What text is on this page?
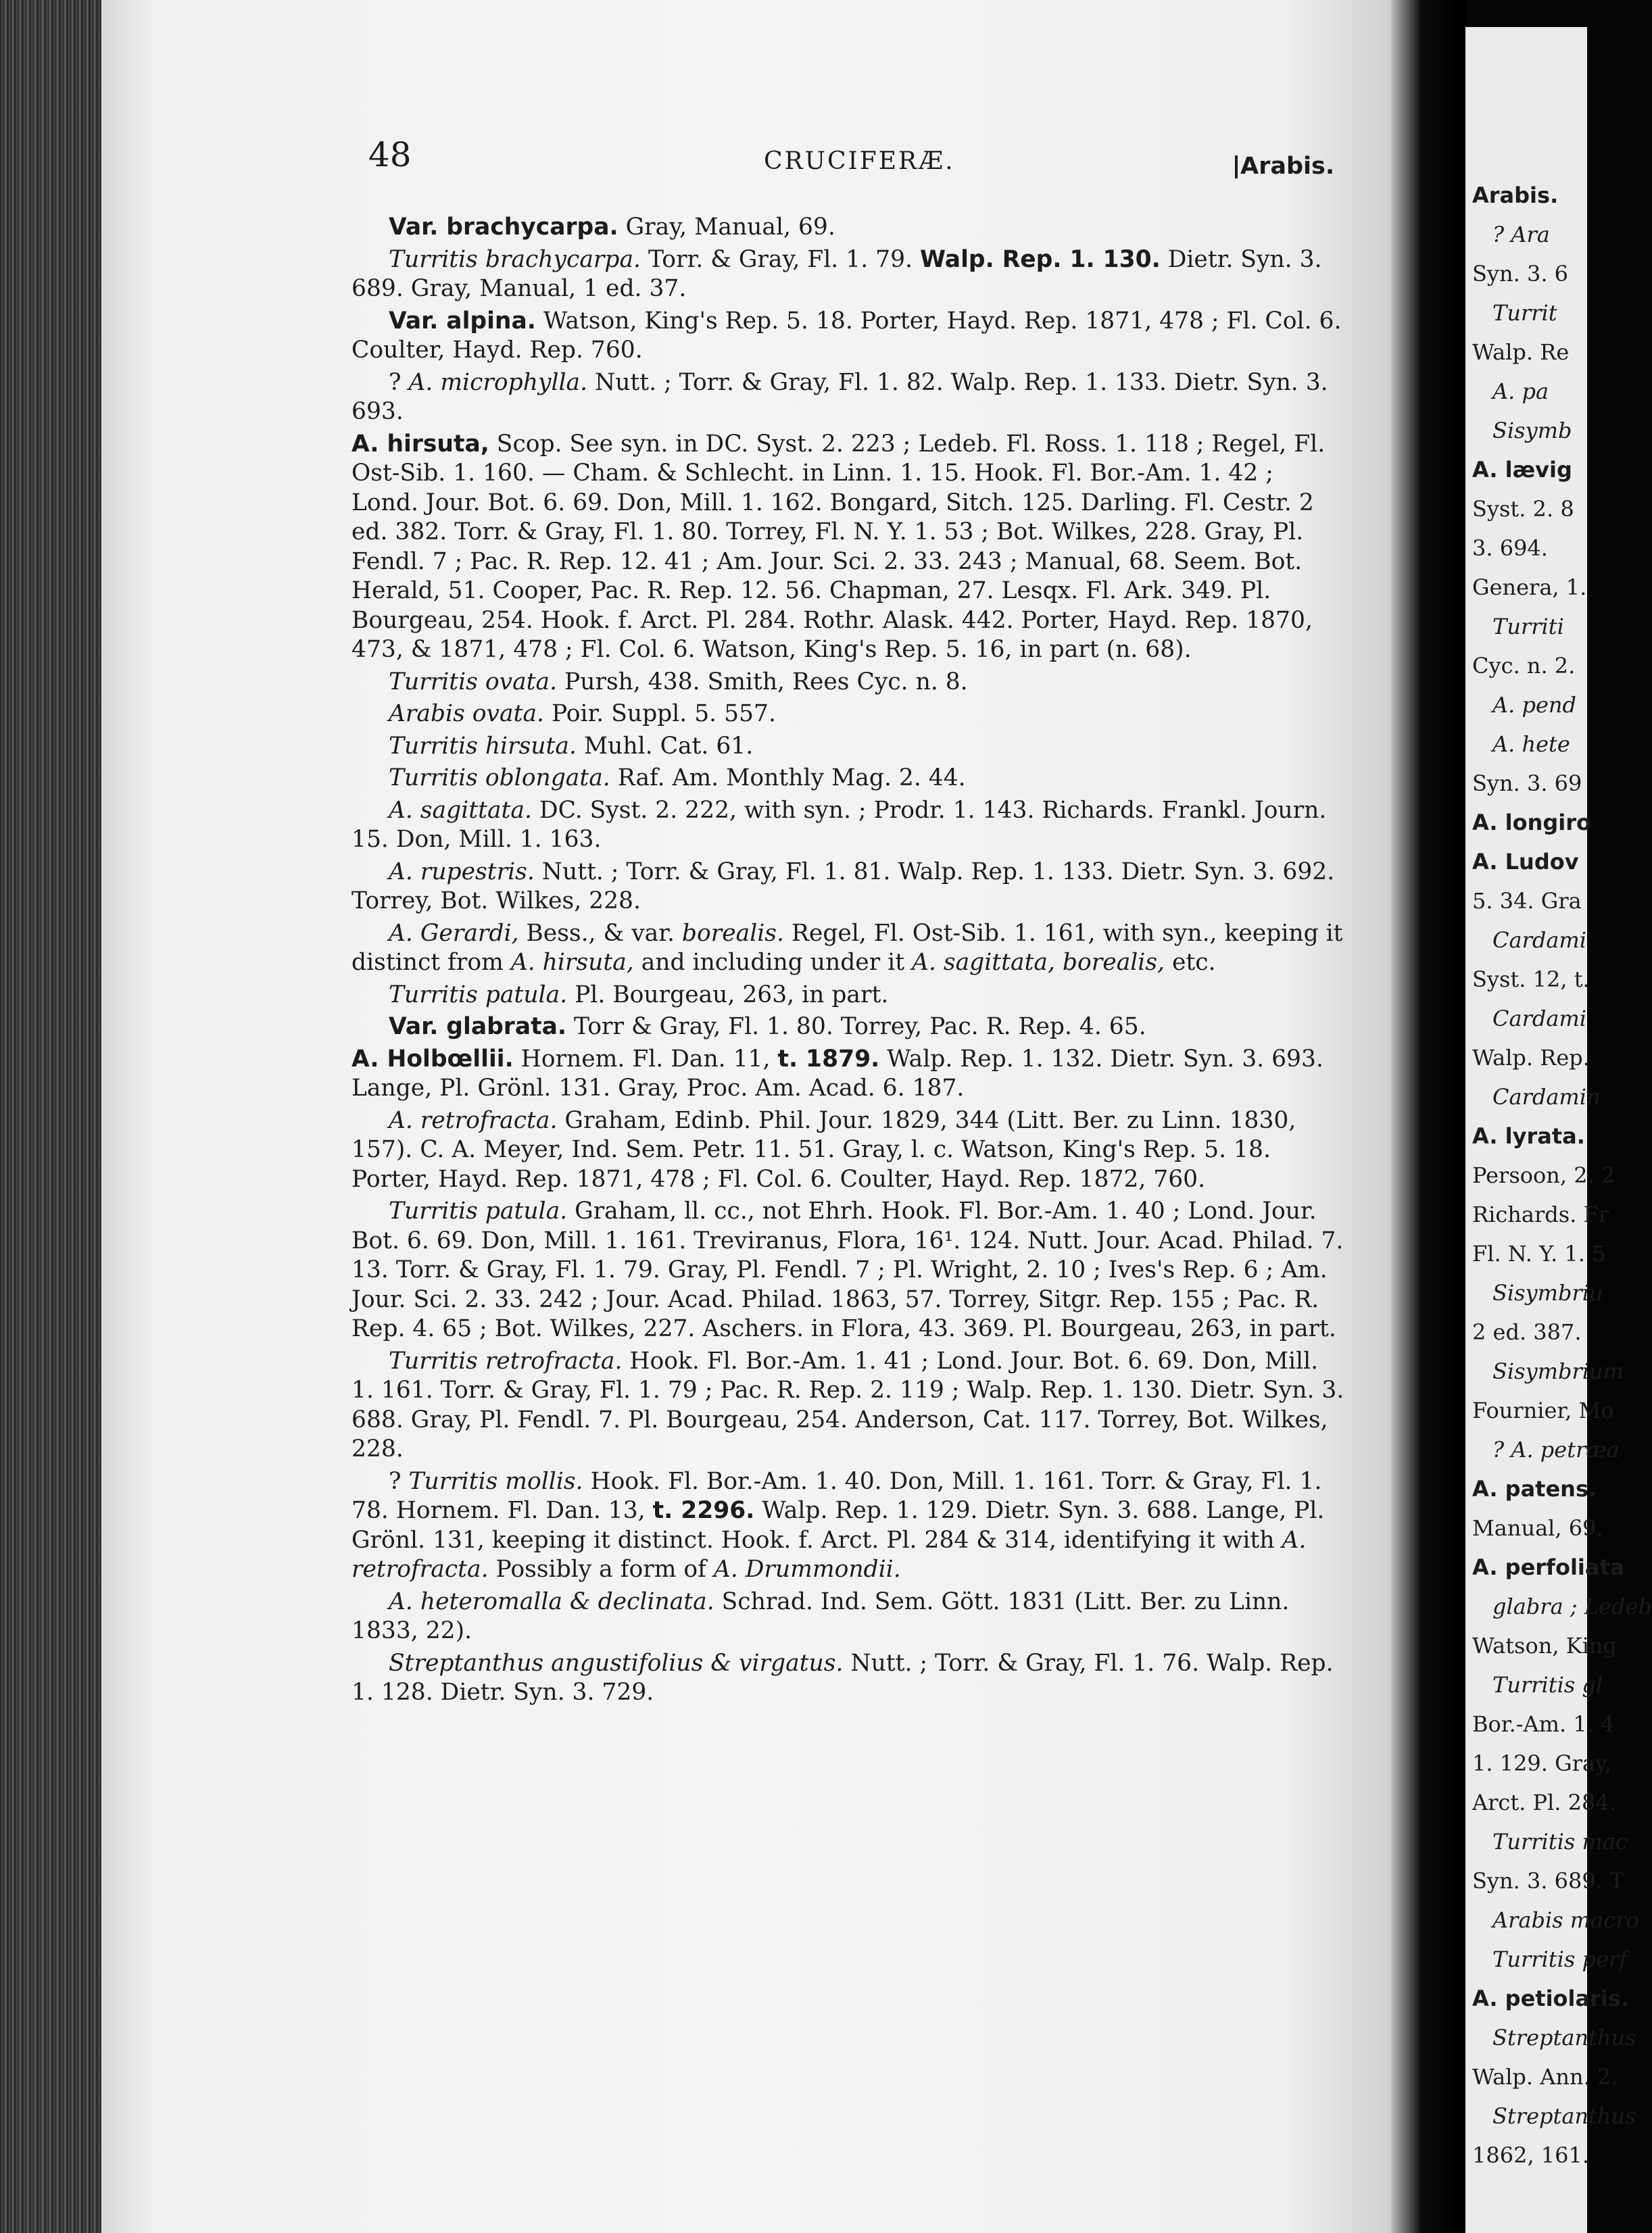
48	CRUCIFERÆ.	Arabis.

Var. brachycarpa. Gray, Manual, 69.

Turritis brachycarpa. Torr. & Gray, Fl. 1. 79. Walp. Rep. 1. 130. Dietr. Syn. 3. 689. Gray, Manual, 1 ed. 37.

Var. alpina. Watson, King's Rep. 5. 18. Porter, Hayd. Rep. 1871, 478 ; Fl. Col. 6. Coulter, Hayd. Rep. 760.

? A. microphylla. Nutt. ; Torr. & Gray, Fl. 1. 82. Walp. Rep. 1. 133. Dietr. Syn. 3. 693.

A. hirsuta, Scop. See syn. in DC. Syst. 2. 223 ; Ledeb. Fl. Ross. 1. 118 ; Regel, Fl. Ost-Sib. 1. 160. — Cham. & Schlecht. in Linn. 1. 15. Hook. Fl. Bor.-Am. 1. 42 ; Lond. Jour. Bot. 6. 69. Don, Mill. 1. 162. Bongard, Sitch. 125. Darling. Fl. Cestr. 2 ed. 382. Torr. & Gray, Fl. 1. 80. Torrey, Fl. N. Y. 1. 53 ; Bot. Wilkes, 228. Gray, Pl. Fendl. 7 ; Pac. R. Rep. 12. 41 ; Am. Jour. Sci. 2. 33. 243 ; Manual, 68. Seem. Bot. Herald, 51. Cooper, Pac. R. Rep. 12. 56. Chapman, 27. Lesqx. Fl. Ark. 349. Pl. Bourgeau, 254. Hook. f. Arct. Pl. 284. Rothr. Alask. 442. Porter, Hayd. Rep. 1870, 473, & 1871, 478 ; Fl. Col. 6. Watson, King's Rep. 5. 16, in part (n. 68).

Turritis ovata. Pursh, 438. Smith, Rees Cyc. n. 8.

Arabis ovata. Poir. Suppl. 5. 557.

Turritis hirsuta. Muhl. Cat. 61.

Turritis oblongata. Raf. Am. Monthly Mag. 2. 44.

A. sagittata. DC. Syst. 2. 222, with syn. ; Prodr. 1. 143. Richards. Frankl. Journ. 15. Don, Mill. 1. 163.

A. rupestris. Nutt. ; Torr. & Gray, Fl. 1. 81. Walp. Rep. 1. 133. Dietr. Syn. 3. 692. Torrey, Bot. Wilkes, 228.

A. Gerardi, Bess., & var. borealis. Regel, Fl. Ost-Sib. 1. 161, with syn., keeping it distinct from A. hirsuta, and including under it A. sagittata, borealis, etc.

Turritis patula. Pl. Bourgeau, 263, in part.

Var. glabrata. Torr & Gray, Fl. 1. 80. Torrey, Pac. R. Rep. 4. 65.

A. Holbœllii. Hornem. Fl. Dan. 11, t. 1879. Walp. Rep. 1. 132. Dietr. Syn. 3. 693. Lange, Pl. Grönl. 131. Gray, Proc. Am. Acad. 6. 187.

A. retrofracta. Graham, Edinb. Phil. Jour. 1829, 344 (Litt. Ber. zu Linn. 1830, 157). C. A. Meyer, Ind. Sem. Petr. 11. 51. Gray, l. c. Watson, King's Rep. 5. 18. Porter, Hayd. Rep. 1871, 478 ; Fl. Col. 6. Coulter, Hayd. Rep. 1872, 760.

Turritis patula. Graham, ll. cc., not Ehrh. Hook. Fl. Bor.-Am. 1. 40 ; Lond. Jour. Bot. 6. 69. Don, Mill. 1. 161. Treviranus, Flora, 16¹. 124. Nutt. Jour. Acad. Philad. 7. 13. Torr. & Gray, Fl. 1. 79. Gray, Pl. Fendl. 7 ; Pl. Wright, 2. 10 ; Ives's Rep. 6 ; Am. Jour. Sci. 2. 33. 242 ; Jour. Acad. Philad. 1863, 57. Torrey, Sitgr. Rep. 155 ; Pac. R. Rep. 4. 65 ; Bot. Wilkes, 227. Aschers. in Flora, 43. 369. Pl. Bourgeau, 263, in part.

Turritis retrofracta. Hook. Fl. Bor.-Am. 1. 41 ; Lond. Jour. Bot. 6. 69. Don, Mill. 1. 161. Torr. & Gray, Fl. 1. 79 ; Pac. R. Rep. 2. 119 ; Walp. Rep. 1. 130. Dietr. Syn. 3. 688. Gray, Pl. Fendl. 7. Pl. Bourgeau, 254. Anderson, Cat. 117. Torrey, Bot. Wilkes, 228.

? Turritis mollis. Hook. Fl. Bor.-Am. 1. 40. Don, Mill. 1. 161. Torr. & Gray, Fl. 1. 78. Hornem. Fl. Dan. 13, t. 2296. Walp. Rep. 1. 129. Dietr. Syn. 3. 688. Lange, Pl. Grönl. 131, keeping it distinct. Hook. f. Arct. Pl. 284 & 314, identifying it with A. retrofracta. Possibly a form of A. Drummondii.

A. heteromalla & declinata. Schrad. Ind. Sem. Gött. 1831 (Litt. Ber. zu Linn. 1833, 22).

Streptanthus angustifolius & virgatus. Nutt. ; Torr. & Gray, Fl. 1. 76. Walp. Rep. 1. 128. Dietr. Syn. 3. 729.

Arabis.
? Ara
Syn. 3. 6
Turrit
Walp. Re
A. pa
Sisymb
A. lævig
Syst. 2. 8
3. 694.
Genera, 1.
Turriti
Cyc. n. 2.
A. pend
A. hete
Syn. 3. 69
A. longiro
A. Ludov
5. 34. Gra
Cardami
Syst. 12, t.
Cardami
Walp. Rep.
Cardamin
A. lyrata.
Persoon, 2. 2
Richards. Fr
Fl. N. Y. 1. 5
Sisymbriu
2 ed. 387.
Sisymbrium
Fournier, Mo
? A. petræa
A. patens.
Manual, 69.
A. perfoliata
glabra ; Ledeb
Watson, King
Turritis gl
Bor.-Am. 1. 4
1. 129. Gray,
Arct. Pl. 284.
Turritis mac
Syn. 3. 689. T
Arabis macro
Turritis perf
A. petiolaris.
Streptanthus
Walp. Ann. 2.
Streptanthus
1862, 161.
